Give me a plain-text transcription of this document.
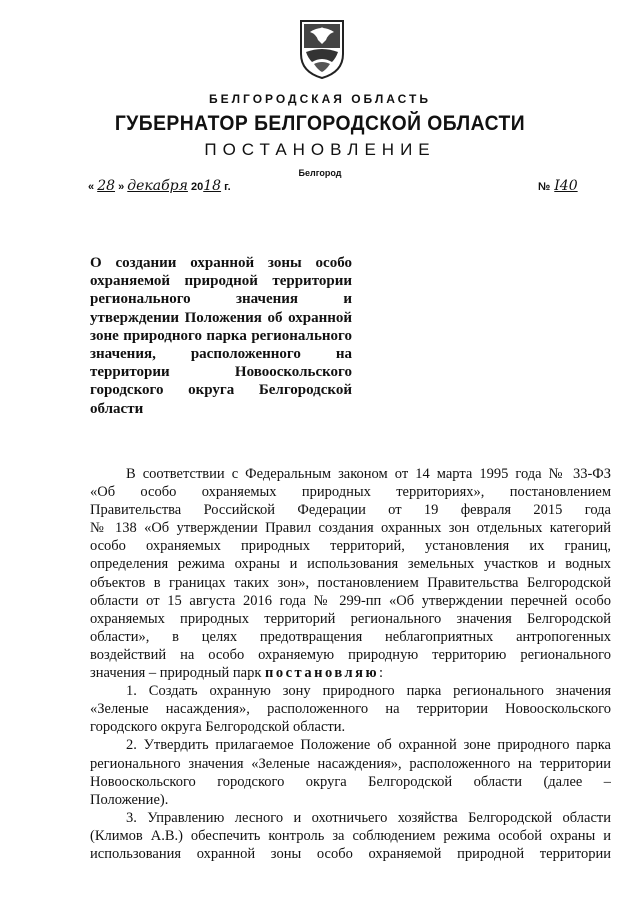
БЕЛГОРОДСКАЯ ОБЛАСТЬ
ГУБЕРНАТОР БЕЛГОРОДСКОЙ ОБЛАСТИ
ПОСТАНОВЛЕНИЕ
Белгород
« 28 » декабря 2018 г.	№ I40
О создании охранной зоны особо
охраняемой природной территории
регионального значения и
утверждении Положения об охранной
зоне природного парка регионального
значения, расположенного на
территории Новооскольского
городского округа Белгородской
области
В соответствии с Федеральным законом от 14 марта 1995 года № 33-ФЗ
«Об особо охраняемых природных территориях», постановлением
Правительства Российской Федерации от 19 февраля 2015 года
№ 138 «Об утверждении Правил создания охранных зон отдельных категорий
особо охраняемых природных территорий, установления их границ,
определения режима охраны и использования земельных участков и водных
объектов в границах таких зон», постановлением Правительства Белгородской
области от 15 августа 2016 года № 299-пп «Об утверждении перечней особо
охраняемых природных территорий регионального значения Белгородской
области», в целях предотвращения неблагоприятных антропогенных
воздействий на особо охраняемую природную территорию регионального
значения – природный парк постановляю:
1. Создать охранную зону природного парка регионального значения
«Зеленые насаждения», расположенного на территории Новооскольского
городского округа Белгородской области.
2. Утвердить прилагаемое Положение об охранной зоне природного парка
регионального значения «Зеленые насаждения», расположенного на территории
Новооскольского городского округа Белгородской области (далее –
Положение).
3. Управлению лесного и охотничьего хозяйства Белгородской области
(Климов А.В.) обеспечить контроль за соблюдением режима особой охраны и
использования охранной зоны особо охраняемой природной территории
